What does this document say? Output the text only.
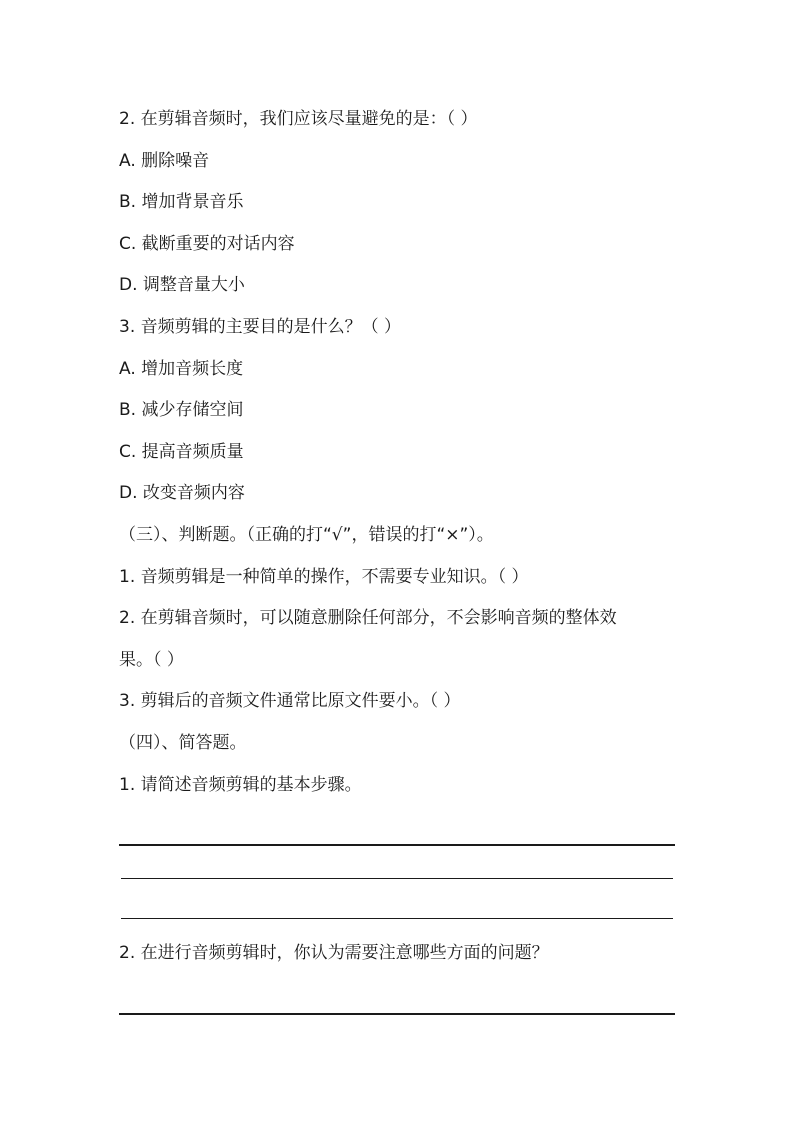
2. 在剪辑音频时，我们应该尽量避免的是：（ ）
A. 删除噪音
B. 增加背景音乐
C. 截断重要的对话内容
D. 调整音量大小
3. 音频剪辑的主要目的是什么？（ ）
A. 增加音频长度
B. 减少存储空间
C. 提高音频质量
D. 改变音频内容
（三）、判断题。（正确的打“√”，错误的打“×”）。
1. 音频剪辑是一种简单的操作，不需要专业知识。（ ）
2. 在剪辑音频时，可以随意删除任何部分，不会影响音频的整体效
果。（ ）
3. 剪辑后的音频文件通常比原文件要小。（ ）
（四）、简答题。
1. 请简述音频剪辑的基本步骤。
2. 在进行音频剪辑时，你认为需要注意哪些方面的问题？
